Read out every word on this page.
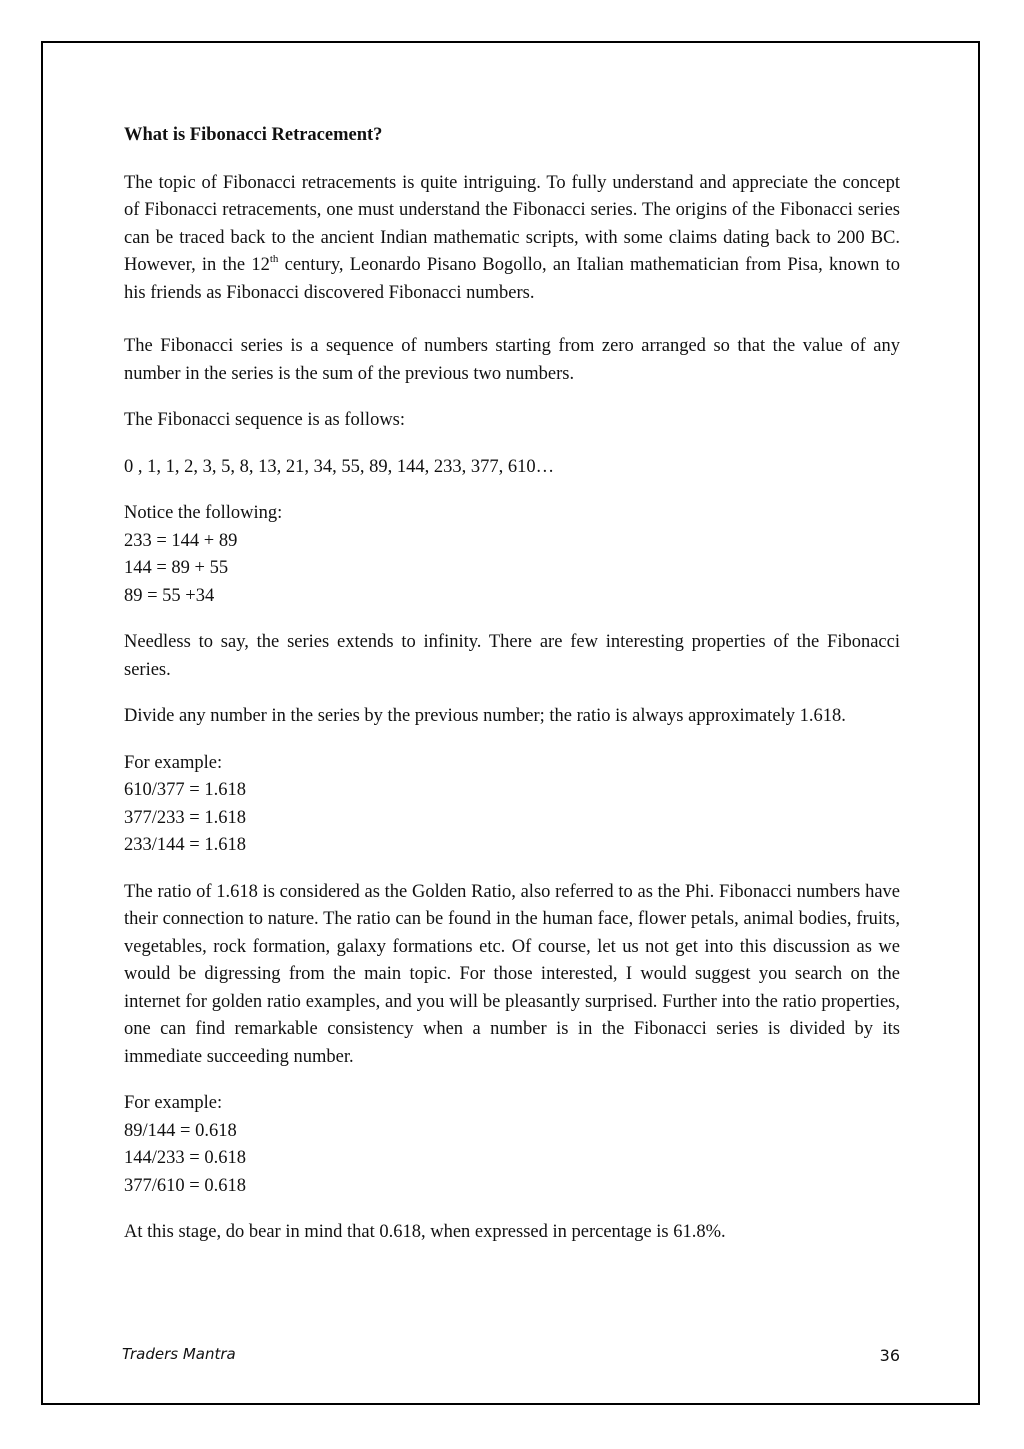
What is Fibonacci Retracement?

The topic of Fibonacci retracements is quite intriguing. To fully understand and appreciate the concept of Fibonacci retracements, one must understand the Fibonacci series. The origins of the Fibonacci series can be traced back to the ancient Indian mathematic scripts, with some claims dating back to 200 BC. However, in the 12th century, Leonardo Pisano Bogollo, an Italian mathematician from Pisa, known to his friends as Fibonacci discovered Fibonacci numbers.

The Fibonacci series is a sequence of numbers starting from zero arranged so that the value of any number in the series is the sum of the previous two numbers.

The Fibonacci sequence is as follows:

0 , 1, 1, 2, 3, 5, 8, 13, 21, 34, 55, 89, 144, 233, 377, 610…

Notice the following:
233 = 144 + 89
144 = 89 + 55
89 = 55 +34

Needless to say, the series extends to infinity. There are few interesting properties of the Fibonacci series.

Divide any number in the series by the previous number; the ratio is always approximately 1.618.

For example:
610/377 = 1.618
377/233 = 1.618
233/144 = 1.618

The ratio of 1.618 is considered as the Golden Ratio, also referred to as the Phi. Fibonacci numbers have their connection to nature. The ratio can be found in the human face, flower petals, animal bodies, fruits, vegetables, rock formation, galaxy formations etc. Of course, let us not get into this discussion as we would be digressing from the main topic. For those interested, I would suggest you search on the internet for golden ratio examples, and you will be pleasantly surprised. Further into the ratio properties, one can find remarkable consistency when a number is in the Fibonacci series is divided by its immediate succeeding number.

For example:
89/144 = 0.618
144/233 = 0.618
377/610 = 0.618

At this stage, do bear in mind that 0.618, when expressed in percentage is 61.8%.

Traders Mantra	36
